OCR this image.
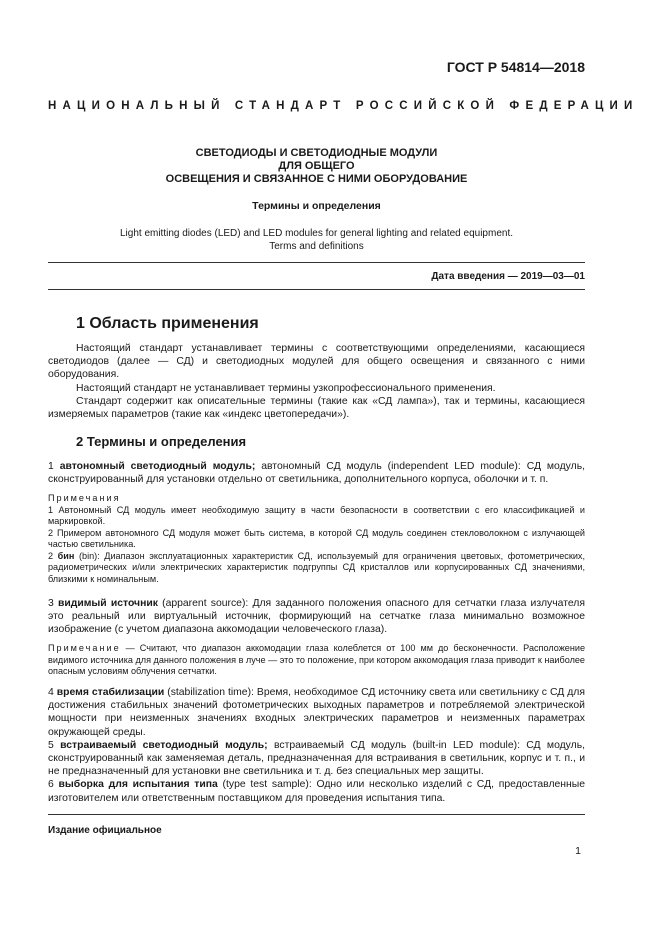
ГОСТ Р 54814—2018
НАЦИОНАЛЬНЫЙ СТАНДАРТ РОССИЙСКОЙ ФЕДЕРАЦИИ
СВЕТОДИОДЫ И СВЕТОДИОДНЫЕ МОДУЛИ
ДЛЯ ОБЩЕГО
ОСВЕЩЕНИЯ И СВЯЗАННОЕ С НИМИ ОБОРУДОВАНИЕ
Термины и определения
Light emitting diodes (LED) and LED modules for general lighting and related equipment.
Terms and definitions
Дата введения — 2019—03—01
1 Область применения

Настоящий стандарт устанавливает термины с соответствующими определениями, касающиеся светодиодов (далее — СД) и светодиодных модулей для общего освещения и связанного с ними оборудования.

Настоящий стандарт не устанавливает термины узкопрофессионального применения.

Стандарт содержит как описательные термины (такие как «СД лампа»), так и термины, касающиеся измеряемых параметров (такие как «индекс цветопередачи»).

2 Термины и определения
1 автономный светодиодный модуль; автономный СД модуль (independent LED module): СД модуль, сконструированный для установки отдельно от светильника, дополнительного корпуса, оболочки и т. п.
Примечания
1 Автономный СД модуль имеет необходимую защиту в части безопасности в соответствии с его классификацией и маркировкой.
2 Примером автономного СД модуля может быть система, в которой СД модуль соединен стекловолокном с излучающей частью светильника.
2 бин (bin): Диапазон эксплуатационных характеристик СД, используемый для ограничения цветовых, фотометрических, радиометрических и/или электрических характеристик подгруппы СД кристаллов или корпусированных СД значениями, близкими к номинальным.
3 видимый источник (apparent source): Для заданного положения опасного для сетчатки глаза излучателя это реальный или виртуальный источник, формирующий на сетчатке глаза минимально возможное изображение (с учетом диапазона аккомодации человеческого глаза).
Примечание — Считают, что диапазон аккомодации глаза колеблется от 100 мм до бесконечности. Расположение видимого источника для данного положения в луче — это то положение, при котором аккомодация глаза приводит к наиболее опасным условиям облучения сетчатки.
4 время стабилизации (stabilization time): Время, необходимое СД источнику света или светильнику с СД для достижения стабильных значений фотометрических выходных параметров и потребляемой электрической мощности при неизменных значениях входных электрических параметров и неизменных параметрах окружающей среды.
5 встраиваемый светодиодный модуль; встраиваемый СД модуль (built-in LED module): СД модуль, сконструированный как заменяемая деталь, предназначенная для встраивания в светильник, корпус и т. п., и не предназначенный для установки вне светильника и т. д. без специальных мер защиты.
6 выборка для испытания типа (type test sample): Одно или несколько изделий с СД, предоставленные изготовителем или ответственным поставщиком для проведения испытания типа.
Издание официальное
1
